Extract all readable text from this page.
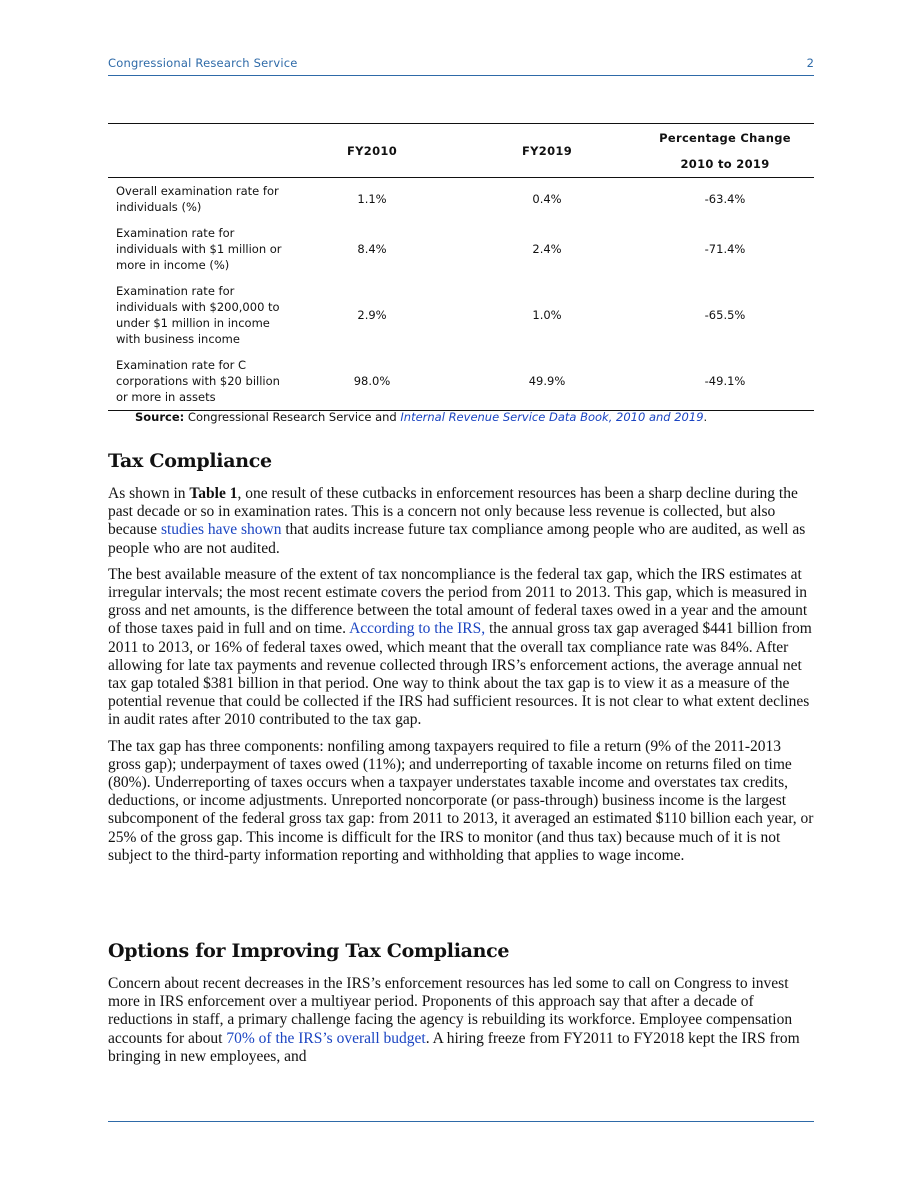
Congressional Research Service	2
	FY2010	FY2019	Percentage Change
2010 to 2019

Overall examination rate for individuals (%)	1.1%	0.4%	-63.4%
Examination rate for individuals with $1 million or more in income (%)	8.4%	2.4%	-71.4%
Examination rate for individuals with $200,000 to under $1 million in income with business income	2.9%	1.0%	-65.5%
Examination rate for C corporations with $20 billion or more in assets	98.0%	49.9%	-49.1%
Source: Congressional Research Service and Internal Revenue Service Data Book, 2010 and 2019.
Tax Compliance

As shown in Table 1, one result of these cutbacks in enforcement resources has been a sharp decline during the past decade or so in examination rates. This is a concern not only because less revenue is collected, but also because studies have shown that audits increase future tax compliance among people who are audited, as well as people who are not audited.

The best available measure of the extent of tax noncompliance is the federal tax gap, which the IRS estimates at irregular intervals; the most recent estimate covers the period from 2011 to 2013. This gap, which is measured in gross and net amounts, is the difference between the total amount of federal taxes owed in a year and the amount of those taxes paid in full and on time. According to the IRS, the annual gross tax gap averaged $441 billion from 2011 to 2013, or 16% of federal taxes owed, which meant that the overall tax compliance rate was 84%. After allowing for late tax payments and revenue collected through IRS’s enforcement actions, the average annual net tax gap totaled $381 billion in that period. One way to think about the tax gap is to view it as a measure of the potential revenue that could be collected if the IRS had sufficient resources. It is not clear to what extent declines in audit rates after 2010 contributed to the tax gap.

The tax gap has three components: nonfiling among taxpayers required to file a return (9% of the 2011-2013 gross gap); underpayment of taxes owed (11%); and underreporting of taxable income on returns filed on time (80%). Underreporting of taxes occurs when a taxpayer understates taxable income and overstates tax credits, deductions, or income adjustments. Unreported noncorporate (or pass-through) business income is the largest subcomponent of the federal gross tax gap: from 2011 to 2013, it averaged an estimated $110 billion each year, or 25% of the gross gap. This income is difficult for the IRS to monitor (and thus tax) because much of it is not subject to the third-party information reporting and withholding that applies to wage income.

Options for Improving Tax Compliance

Concern about recent decreases in the IRS’s enforcement resources has led some to call on Congress to invest more in IRS enforcement over a multiyear period. Proponents of this approach say that after a decade of reductions in staff, a primary challenge facing the agency is rebuilding its workforce. Employee compensation accounts for about 70% of the IRS’s overall budget. A hiring freeze from FY2011 to FY2018 kept the IRS from bringing in new employees, and
